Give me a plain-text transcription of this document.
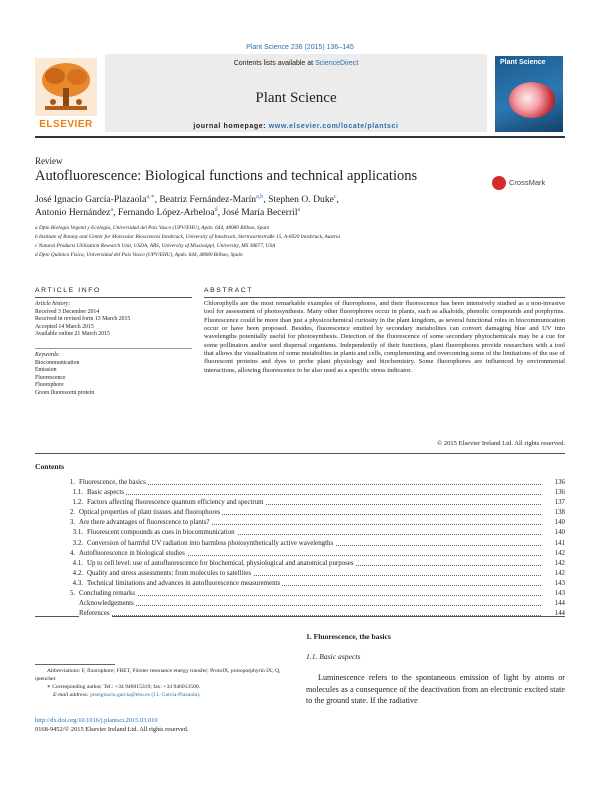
Plant Science 236 (2015) 136–145
ELSEVIER
Contents lists available at ScienceDirect
Plant Science
journal homepage: www.elsevier.com/locate/plantsci
Plant Science
Review
Autofluorescence: Biological functions and technical applications	CrossMark
José Ignacio García-Plazaola$^{a,∗}$, Beatriz Fernández-Marín$^{a,b}$, Stephen O. Duke$^c$,
Antonio Hernández$^a$, Fernando López-Arbeloa$^d$, José María Becerril$^a$
a Dpto Biología Vegetal y Ecología, Universidad del País Vasco (UPV/EHU), Apdo. 644, 48080 Bilbao, Spain
b Institute of Botany and Center for Molecular Biosciences Innsbruck, University of Innsbruck, Sternwartestraße 15, A-6020 Innsbruck, Austria
c Natural Products Utilization Research Unit, USDA, ARS, University of Mississippi, University, MS 38677, USA
d Dpto Química Física, Universidad del País Vasco (UPV/EHU), Apdo. 644, 48080 Bilbao, Spain
ARTICLE INFO	ABSTRACT
Article history:
Received 3 December 2014
Received in revised form 13 March 2015
Accepted 14 March 2015
Available online 21 March 2015
Keywords:
Biocommunication
Emission
Fluorescence
Fluorophore
Green fluorescent protein
Chlorophylls are the most remarkable examples of fluorophores, and their fluorescence has been intensively studied as a non-invasive tool for assessment of photosynthesis. Many other fluorophores occur in plants, such as alkaloids, phenolic compounds and porphyrins. Fluorescence could be more than just a physicochemical curiosity in the plant kingdom, as several functional roles in biocommunication occur or have been proposed. Besides, fluorescence emitted by secondary metabolites can convert damaging blue and UV into wavelengths potentially useful for photosynthesis. Detection of the fluorescence of some secondary phytochemicals may be a cue for some pollinators and/or seed dispersal organisms. Independently of their functions, plant fluorophores provide researchers with a tool that allows the visualization of some metabolites in plants and cells, complementing and overcoming some of the limitations of the use of fluorescent proteins and dyes to probe plant physiology and biochemistry. Some fluorophores are influenced by environmental interactions, allowing fluorescence to be also used as a specific stress indicator.
© 2015 Elsevier Ireland Ltd. All rights reserved.
Contents
1. Fluorescence, the basics	136
1.1. Basic aspects	136
1.2. Factors affecting fluorescence quantum efficiency and spectrum	137
2. Optical properties of plant tissues and fluorophores	138
3. Are there advantages of fluorescence to plants?	140
3.1. Fluorescent compounds as cues in biocommunication	140
3.2. Conversion of harmful UV radiation into harmless photosynthetically active wavelengths	141
4. Autofluorescence in biological studies	142
4.1. Up to cell level: use of autofluorescence for biochemical, physiological and anatomical purposes	142
4.2. Quality and stress assessments: from molecules to satellites	142
4.3. Technical limitations and advances in autofluorescence measurements	143
5. Concluding remarks	143
Acknowledgements	144
References	144
Abbreviations: F, fluorophore; FRET, Förster resonance energy transfer; ProtoIX, protoporphyrin IX; Q, quencher.
∗ Corresponding author. Tel.: +34 946015319; fax: +34 946013500.
E-mail address: joseignacio.garcia@ehu.es (J.I. García-Plazaola).
http://dx.doi.org/10.1016/j.plantsci.2015.03.010
0168-9452/© 2015 Elsevier Ireland Ltd. All rights reserved.
1. Fluorescence, the basics
1.1. Basic aspects
Luminescence refers to the spontaneous emission of light by atoms or molecules as a consequence of the deactivation from an electronic excited state to the ground state. If the radiative
